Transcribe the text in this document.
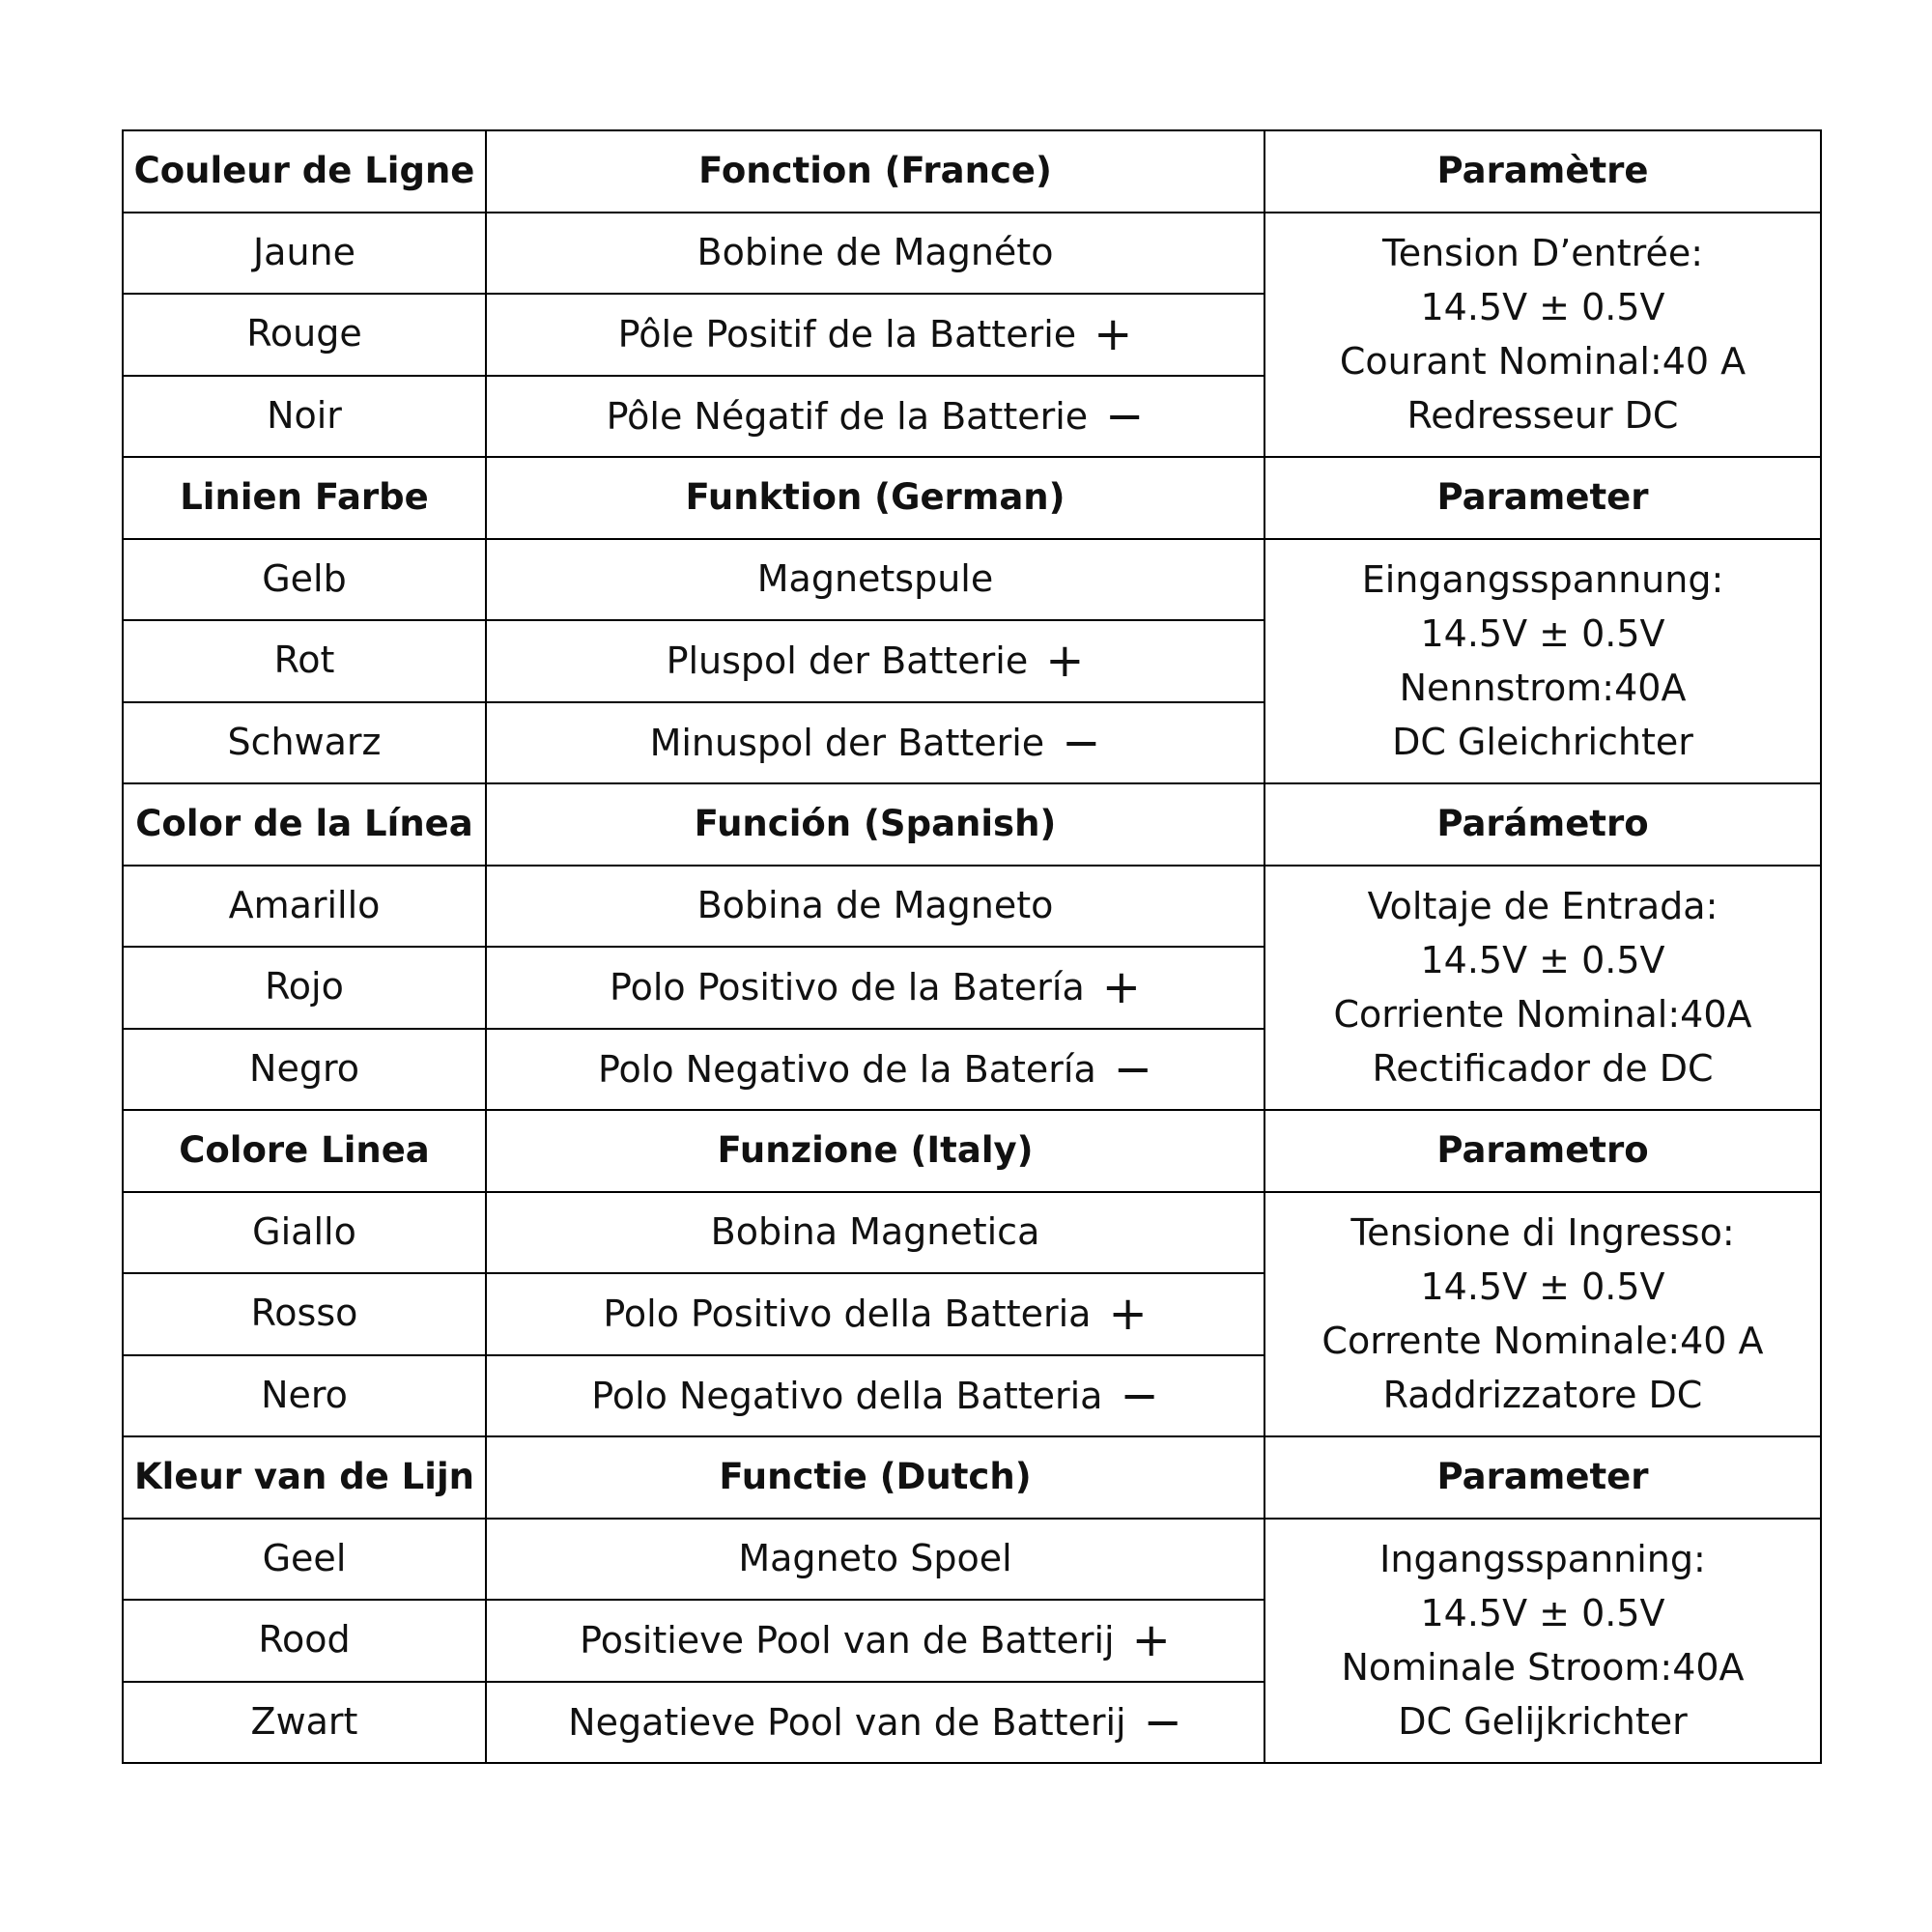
Couleur de Ligne	Fonction (France)	Paramètre
Jaune	Bobine de Magnéto	Tension D’entrée:
14.5V ± 0.5V
Courant Nominal:40 A
Redresseur DC

Rouge	Pôle Positif de la Batterie +	
Noir	Pôle Négatif de la Batterie −	
Linien Farbe	Funktion (German)	Parameter
Gelb	Magnetspule	Eingangsspannung:
14.5V ± 0.5V
Nennstrom:40A
DC Gleichrichter

Rot	Pluspol der Batterie +	
Schwarz	Minuspol der Batterie −	
Color de la Línea	Función (Spanish)	Parámetro
Amarillo	Bobina de Magneto	Voltaje de Entrada:
14.5V ± 0.5V
Corriente Nominal:40A
Rectificador de DC

Rojo	Polo Positivo de la Batería +	
Negro	Polo Negativo de la Batería −	
Colore Linea	Funzione (Italy)	Parametro
Giallo	Bobina Magnetica	Tensione di Ingresso:
14.5V ± 0.5V
Corrente Nominale:40 A
Raddrizzatore DC

Rosso	Polo Positivo della Batteria +	
Nero	Polo Negativo della Batteria −	
Kleur van de Lijn	Functie (Dutch)	Parameter
Geel	Magneto Spoel	Ingangsspanning:
14.5V ± 0.5V
Nominale Stroom:40A
DC Gelijkrichter

Rood	Positieve Pool van de Batterij +	
Zwart	Negatieve Pool van de Batterij −	
